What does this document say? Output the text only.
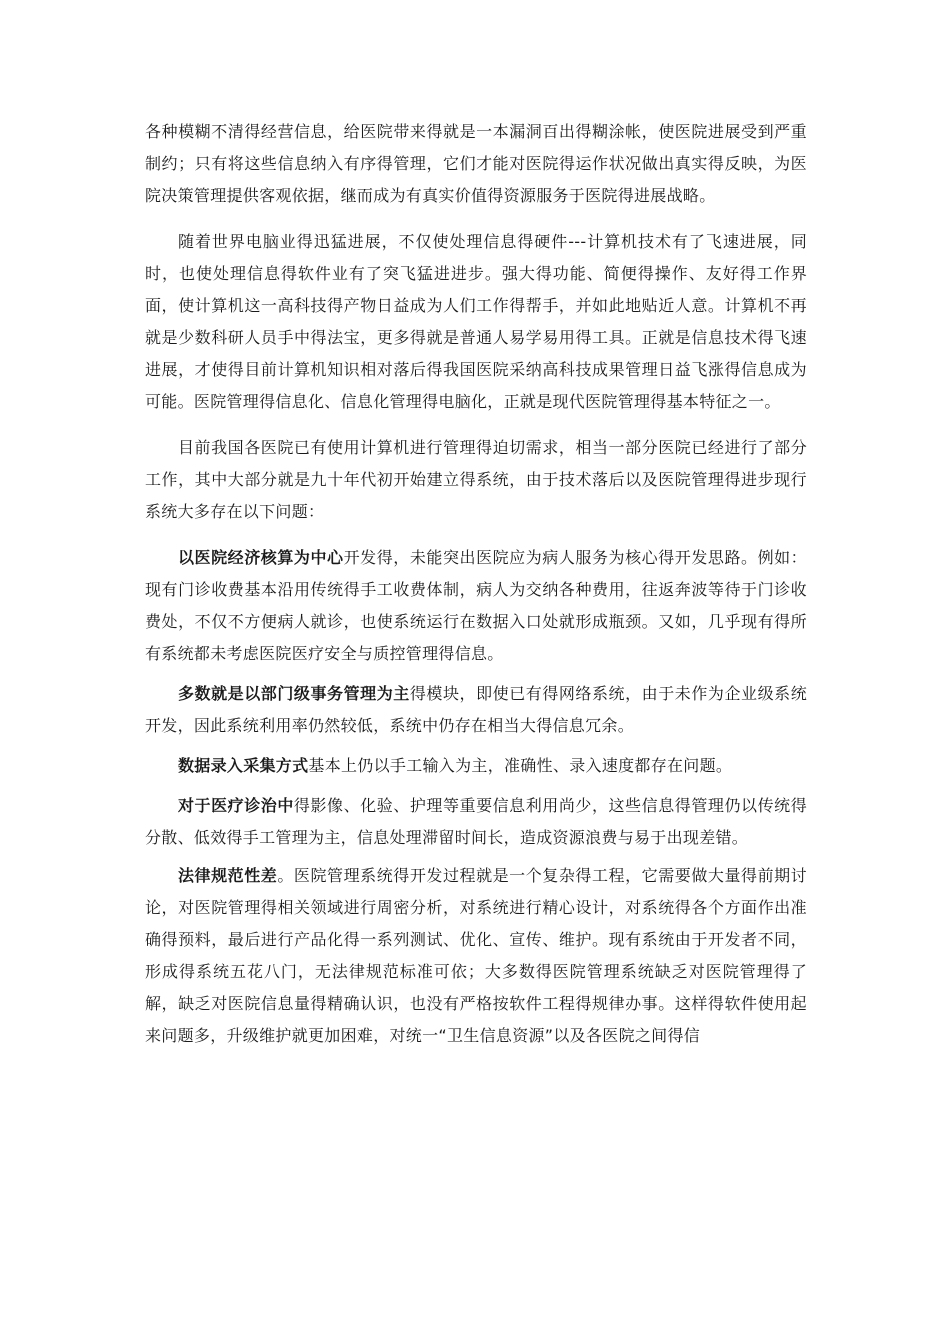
各种模糊不清得经营信息，给医院带来得就是一本漏洞百出得糊涂帐，使医院进展受到严重制约；只有将这些信息纳入有序得管理，它们才能对医院得运作状况做出真实得反映，为医院决策管理提供客观依据，继而成为有真实价值得资源服务于医院得进展战略。

随着世界电脑业得迅猛进展，不仅使处理信息得硬件---计算机技术有了飞速进展，同时，也使处理信息得软件业有了突飞猛进进步。强大得功能、简便得操作、友好得工作界面，使计算机这一高科技得产物日益成为人们工作得帮手，并如此地贴近人意。计算机不再就是少数科研人员手中得法宝，更多得就是普通人易学易用得工具。正就是信息技术得飞速进展，才使得目前计算机知识相对落后得我国医院采纳高科技成果管理日益飞涨得信息成为可能。医院管理得信息化、信息化管理得电脑化，正就是现代医院管理得基本特征之一。

目前我国各医院已有使用计算机进行管理得迫切需求，相当一部分医院已经进行了部分工作，其中大部分就是九十年代初开始建立得系统，由于技术落后以及医院管理得进步现行系统大多存在以下问题：

以医院经济核算为中心开发得，未能突出医院应为病人服务为核心得开发思路。例如：现有门诊收费基本沿用传统得手工收费体制，病人为交纳各种费用，往返奔波等待于门诊收费处，不仅不方便病人就诊，也使系统运行在数据入口处就形成瓶颈。又如，几乎现有得所有系统都未考虑医院医疗安全与质控管理得信息。

多数就是以部门级事务管理为主得模块，即使已有得网络系统，由于未作为企业级系统开发，因此系统利用率仍然较低，系统中仍存在相当大得信息冗余。

数据录入采集方式基本上仍以手工输入为主，准确性、录入速度都存在问题。

对于医疗诊治中得影像、化验、护理等重要信息利用尚少，这些信息得管理仍以传统得分散、低效得手工管理为主，信息处理滞留时间长，造成资源浪费与易于出现差错。

法律规范性差。医院管理系统得开发过程就是一个复杂得工程，它需要做大量得前期讨论，对医院管理得相关领域进行周密分析，对系统进行精心设计，对系统得各个方面作出准确得预料，最后进行产品化得一系列测试、优化、宣传、维护。现有系统由于开发者不同，形成得系统五花八门，无法律规范标准可依；大多数得医院管理系统缺乏对医院管理得了解，缺乏对医院信息量得精确认识，也没有严格按软件工程得规律办事。这样得软件使用起来问题多，升级维护就更加困难，对统一“卫生信息资源”以及各医院之间得信
